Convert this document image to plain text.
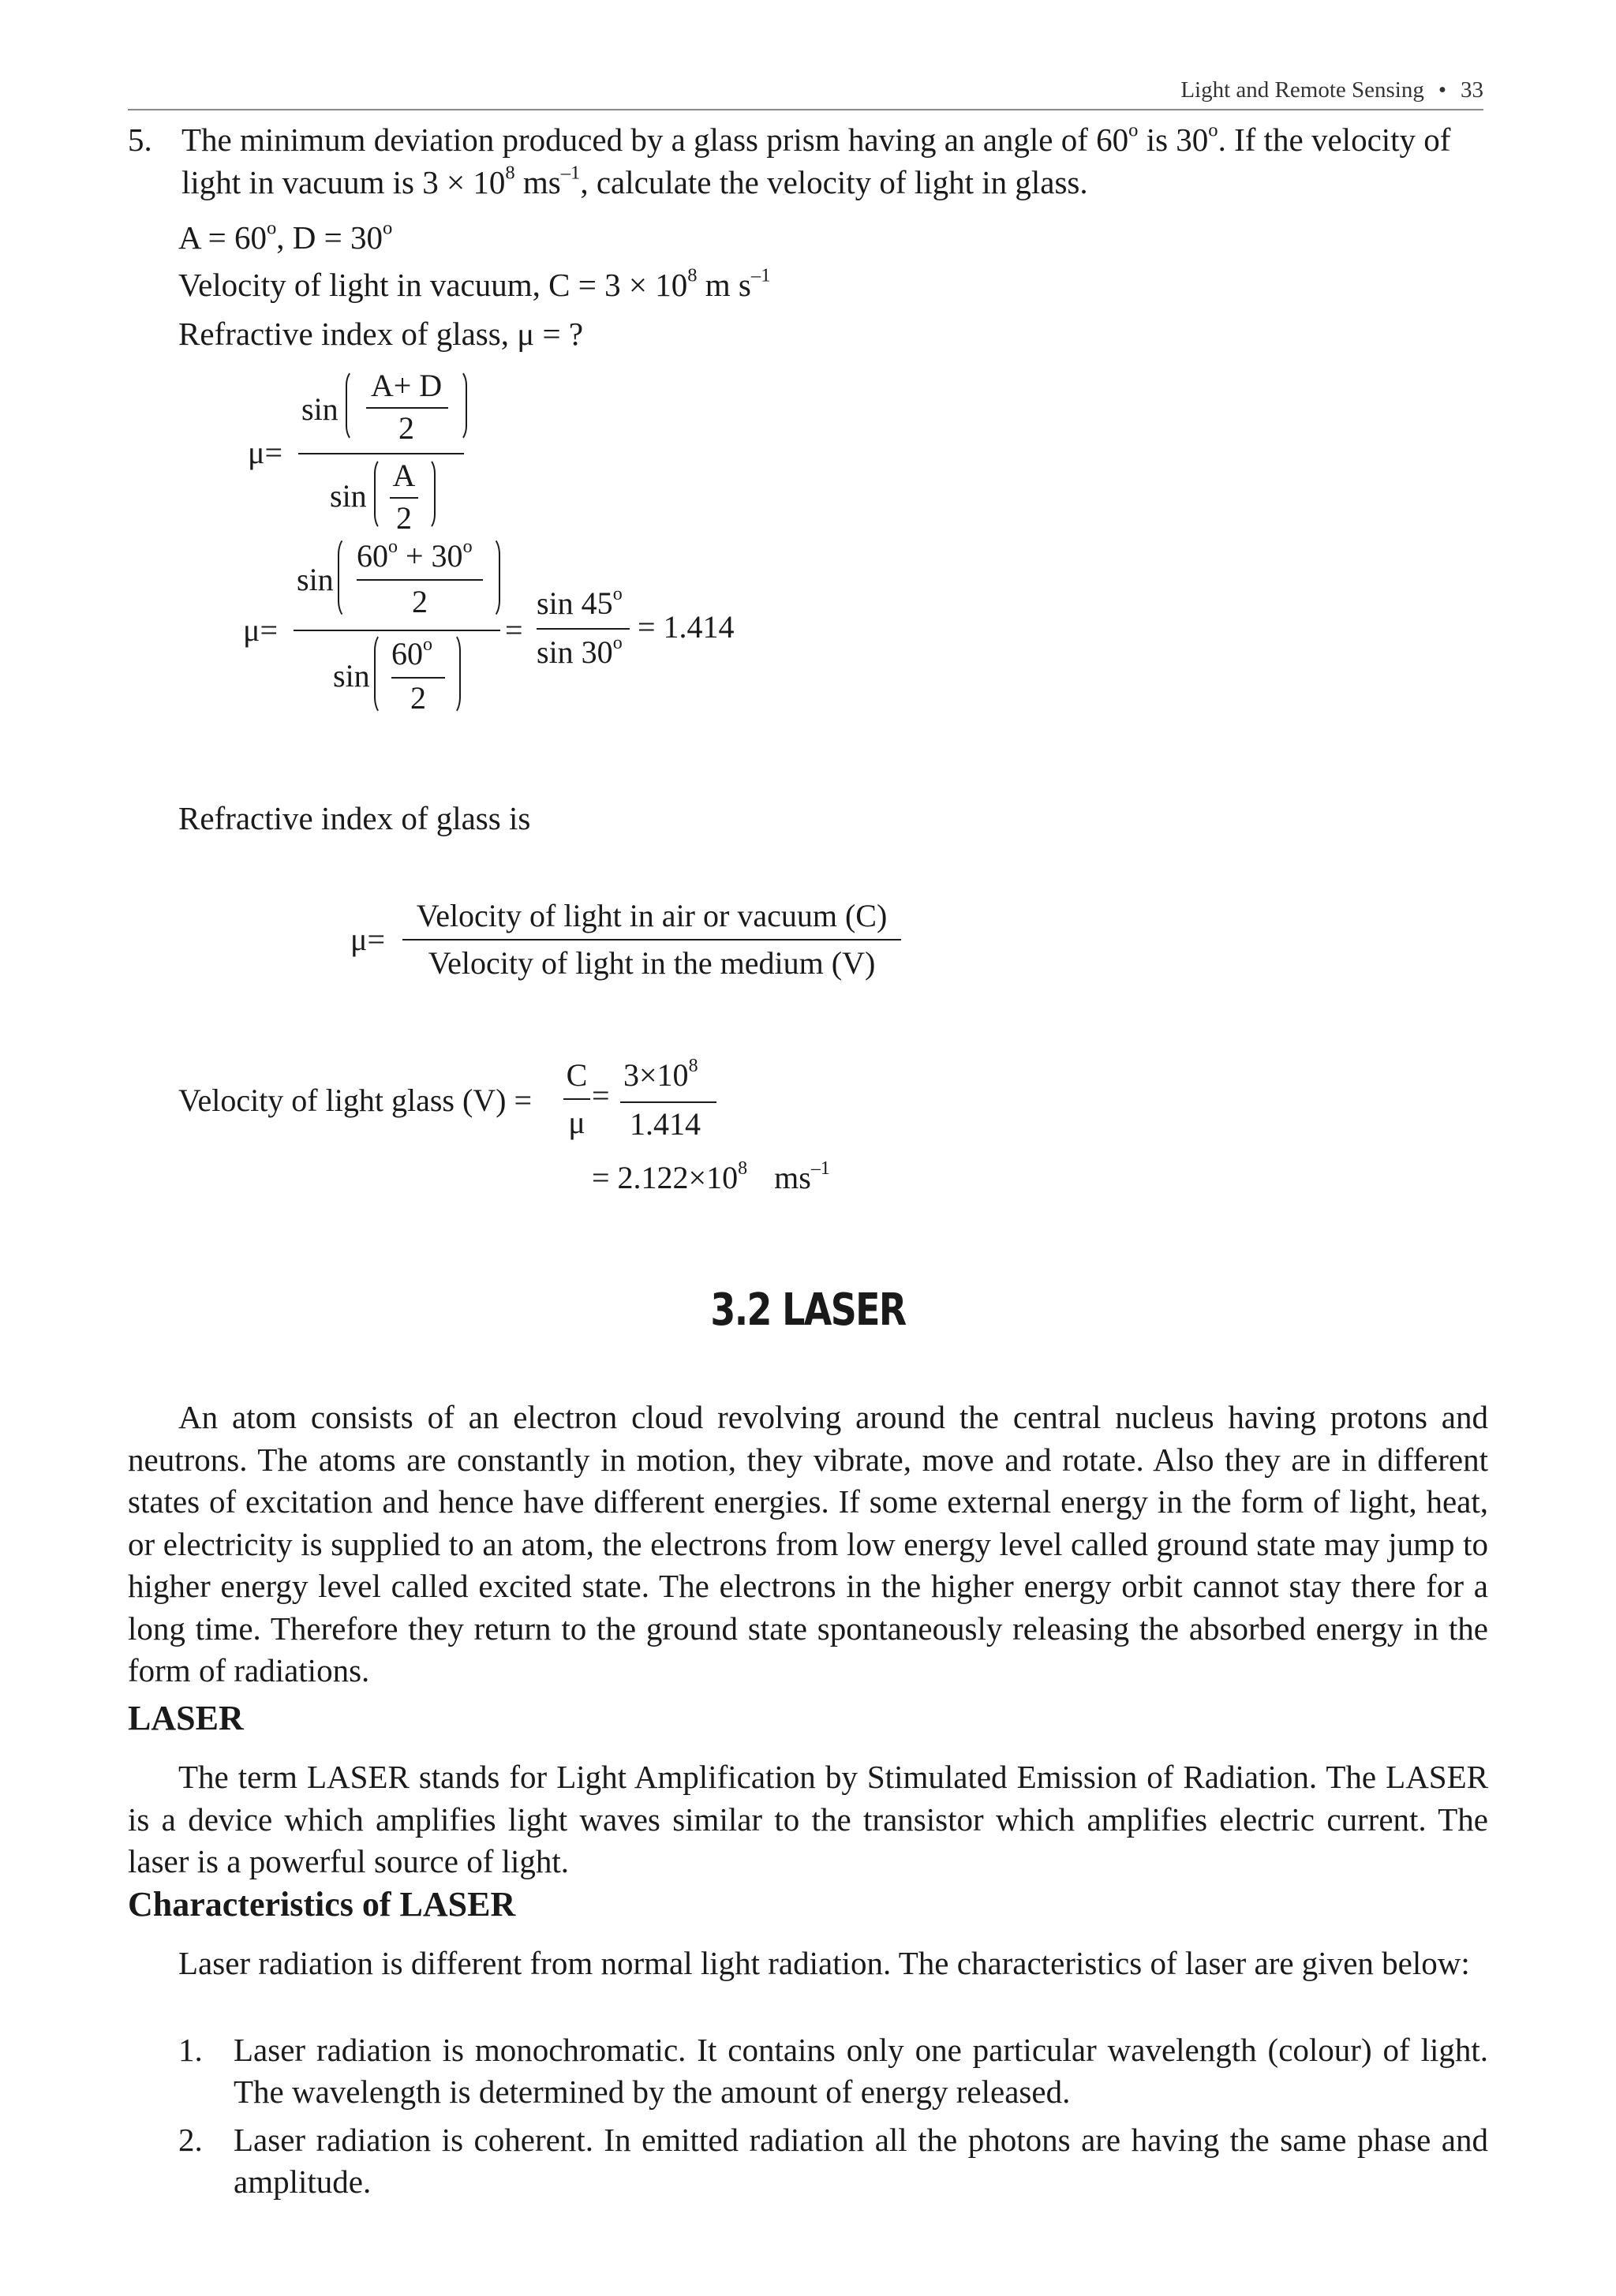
Light and Remote Sensing • 33
5. The minimum deviation produced by a glass prism having an angle of 60$^o$ is 30$^o$. If the velocity of light in vacuum is $3 \times 10^8$ $ms^{-1}$, calculate the velocity of light in glass.
$A = 60^o$, $D = 30^o$
Velocity of light in vacuum, $C = 3 \times 10^8$ m $s^{-1}$
Refractive index of glass, μ = ?
μ=
sin
A+ D
2
sin
A
2
μ=
sin
$60^o + 30^o$
2
sin
60$^o$
2
=
sin 45$^o$
$\sin 30^o = 1.414$
Refractive index of glass is
μ=
Velocity of light in air or vacuum (C)
Velocity of light in the medium (V)
Velocity of light glass (V) =
C
μ
=
$3\times 10^8$
1.414
= $2.122\times 10^8$ $ms^{-1}$
3.2 LASER
An atom consists of an electron cloud revolving around the central nucleus having protons and neutrons. The atoms are constantly in motion, they vibrate, move and rotate. Also they are in different states of excitation and hence have different energies. If some external energy in the form of light, heat, or electricity is supplied to an atom, the electrons from low energy level called ground state may jump to higher energy level called excited state. The electrons in the higher energy orbit cannot stay there for a long time. Therefore they return to the ground state spontaneously releasing the absorbed energy in the form of radiations.
LASER
The term LASER stands for Light Amplification by Stimulated Emission of Radiation. The LASER is a device which amplifies light waves similar to the transistor which amplifies electric current. The laser is a powerful source of light.
Characteristics of LASER
Laser radiation is different from normal light radiation. The characteristics of laser are given below:
1. Laser radiation is monochromatic. It contains only one particular wavelength (colour) of light. The wavelength is determined by the amount of energy released.
2. Laser radiation is coherent. In emitted radiation all the photons are having the same phase and amplitude.
